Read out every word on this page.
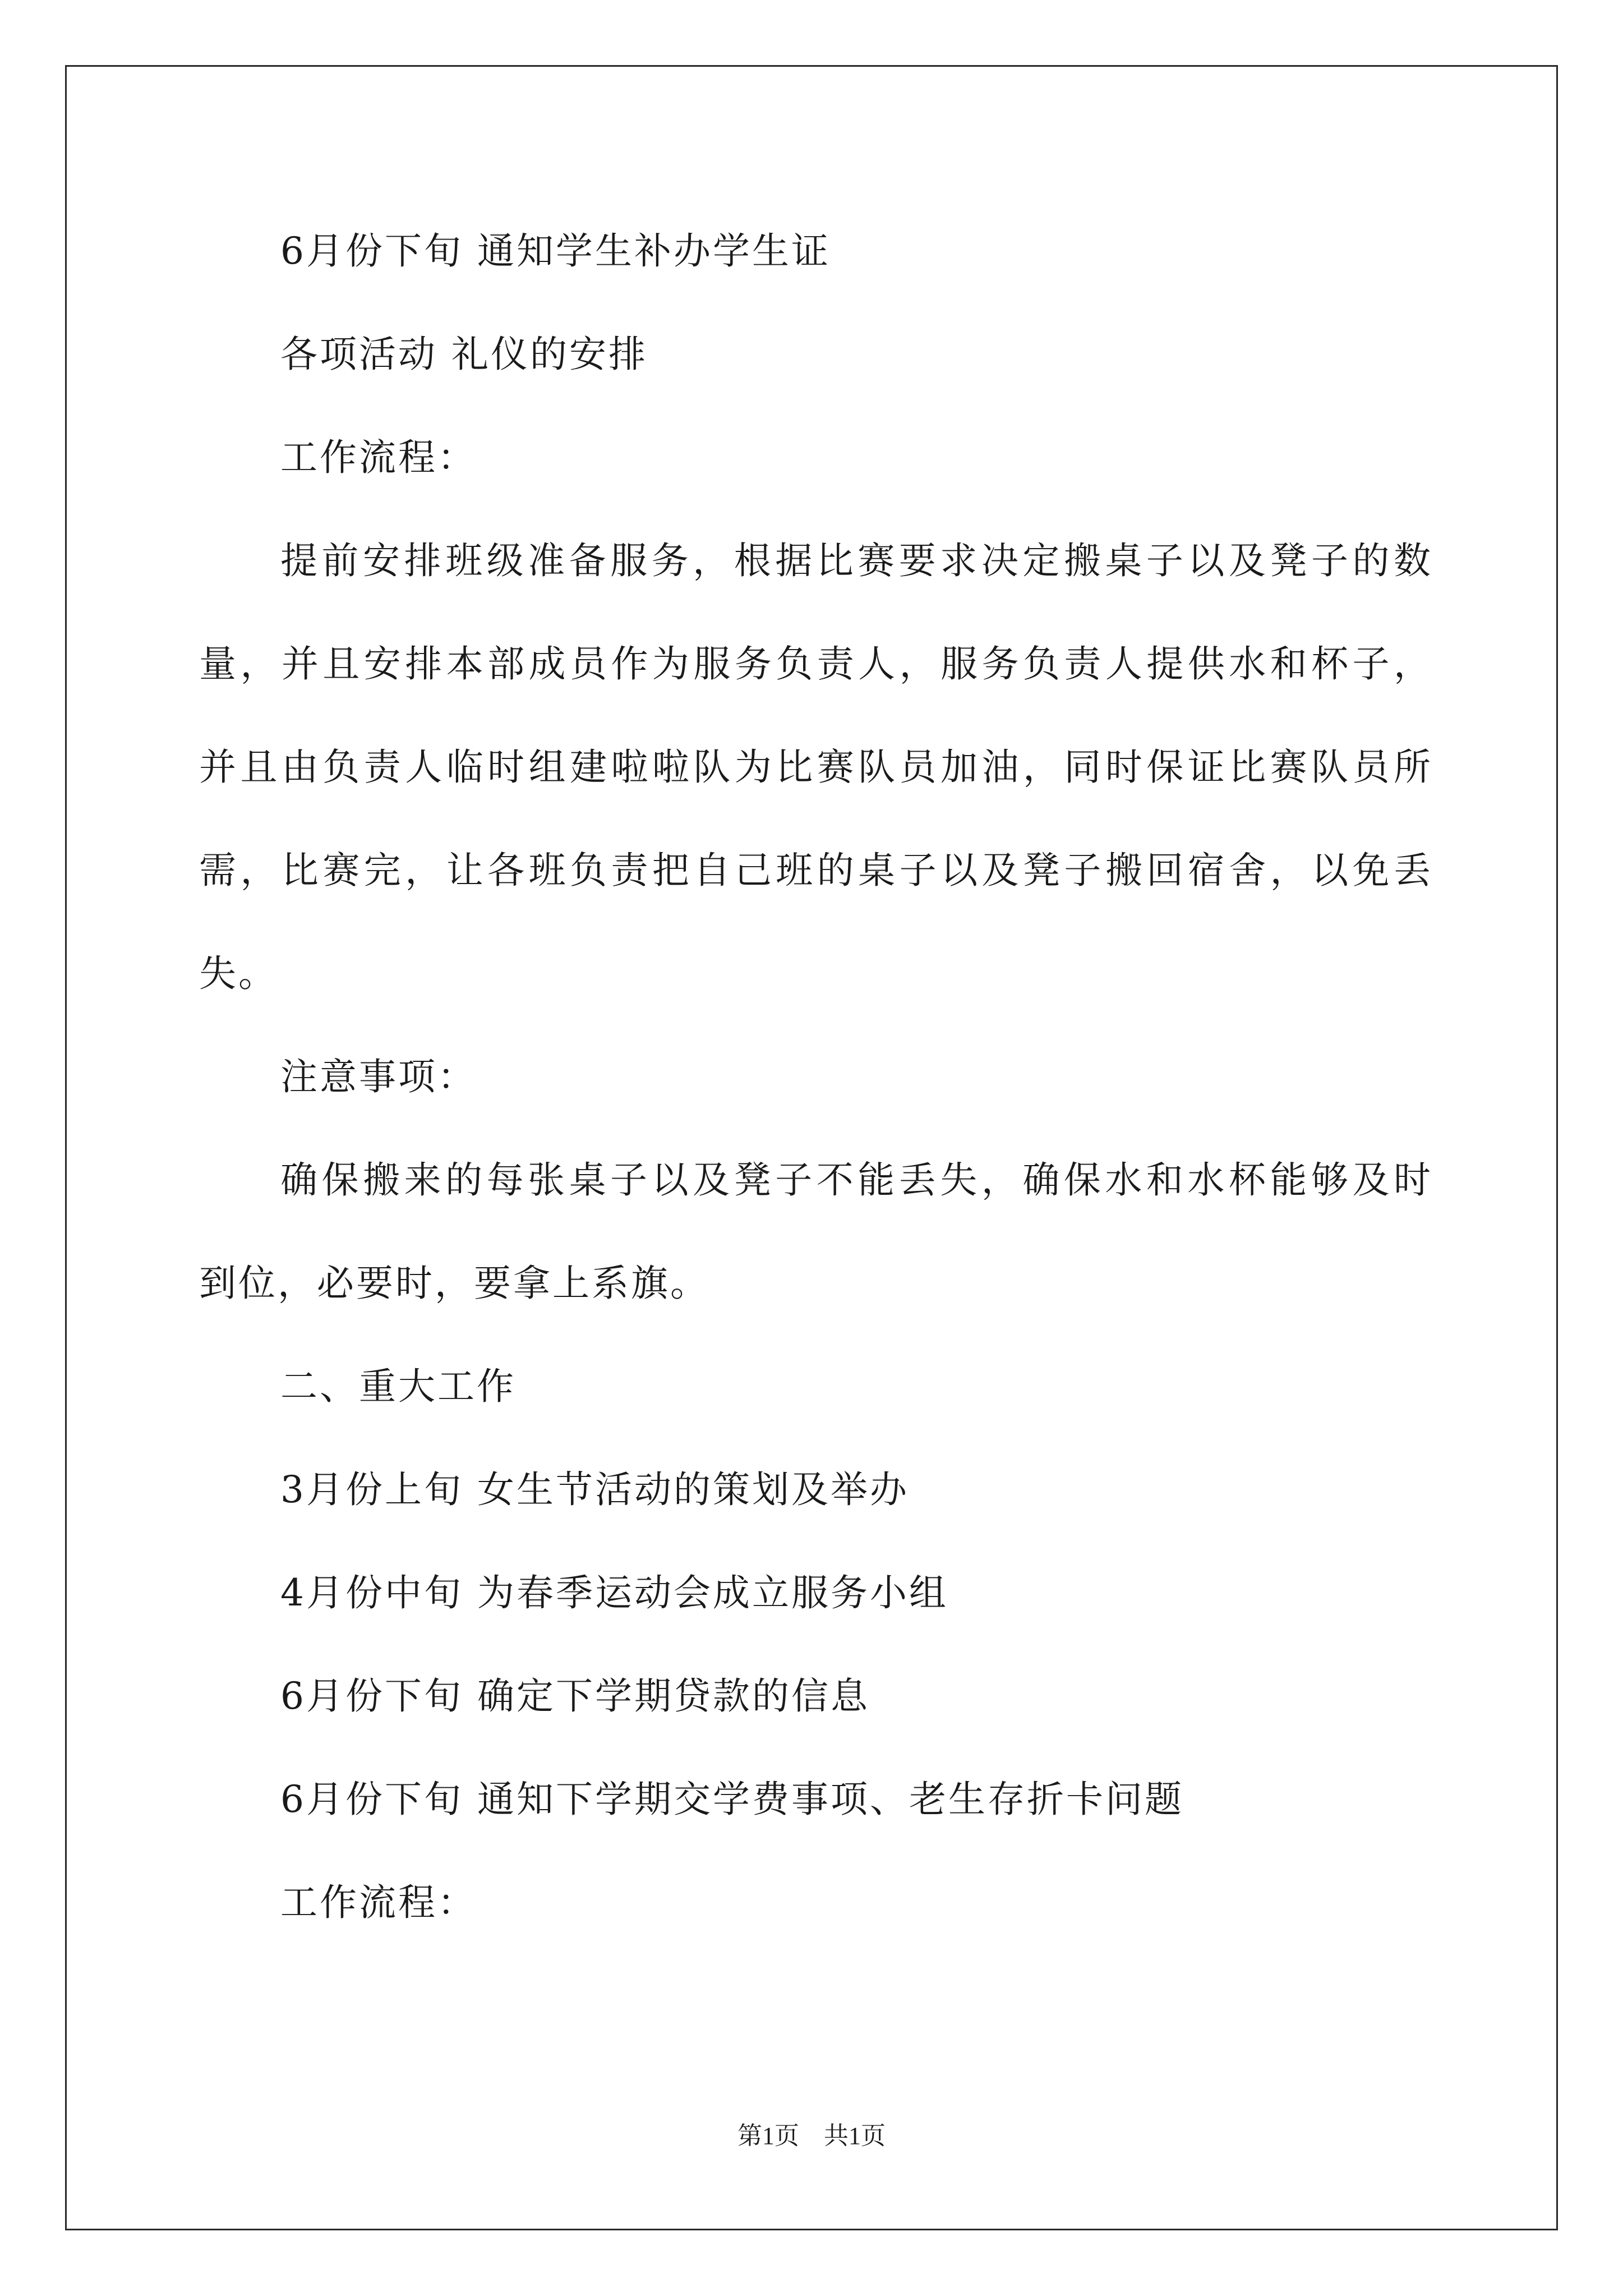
6月份下旬 通知学生补办学生证
各项活动 礼仪的安排
工作流程：
提前安排班级准备服务，根据比赛要求决定搬桌子以及凳子的数
量，并且安排本部成员作为服务负责人，服务负责人提供水和杯子，
并且由负责人临时组建啦啦队为比赛队员加油，同时保证比赛队员所
需，比赛完，让各班负责把自己班的桌子以及凳子搬回宿舍，以免丢
失。
注意事项：
确保搬来的每张桌子以及凳子不能丢失，确保水和水杯能够及时
到位，必要时，要拿上系旗。
二、重大工作
3月份上旬 女生节活动的策划及举办
4月份中旬 为春季运动会成立服务小组
6月份下旬 确定下学期贷款的信息
6月份下旬 通知下学期交学费事项、老生存折卡问题
工作流程：
第1页　共1页
